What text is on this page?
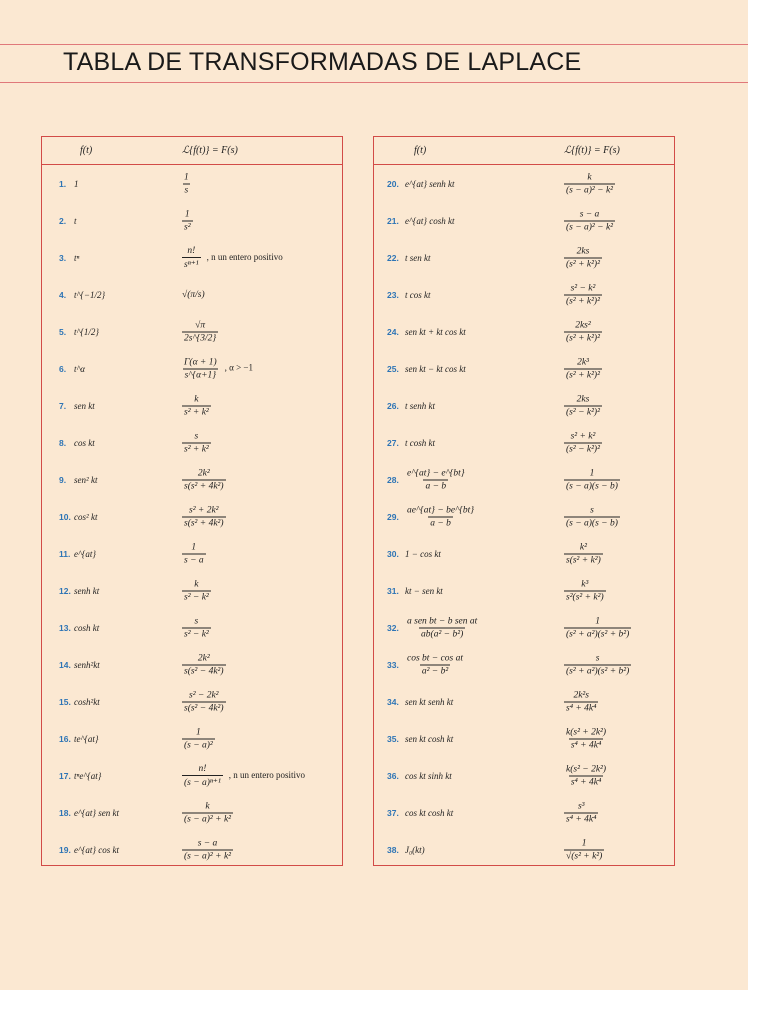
TABLA DE TRANSFORMADAS DE LAPLACE
f(t)	ℒ{f(t)} = F(s)
1. 1	$\frac{1}{s}$
2. t	$\frac{1}{\text{s²}}$
3. tⁿ	$\frac{n!}{\text{sⁿ⁺¹}}$ , n un entero positivo
4. t^{−1/2}	√(π/s)
5. t^{1/2}	$\frac{√\pi}{2s\^{}\{3/2\}}$
6. t^α	$\frac{\Gamma(\alpha + 1)}{s\^{}\{\alpha+1\}}$ , α > −1
7. sen kt	$\frac{k}{\text{s² + k²}}$
8. cos kt	$\frac{s}{\text{s² + k²}}$
9. sen² kt	$\frac{\text{2k²}}{\text{s(s² + 4k²)}}$
10. cos² kt	$\frac{\text{s² + 2k²}}{\text{s(s² + 4k²)}}$
11. e^{at}	$\frac{1}{s - a}$
12. senh kt	$\frac{k}{\text{s² − k²}}$
13. cosh kt	$\frac{s}{\text{s² − k²}}$
14. senh²kt	$\frac{\text{2k²}}{\text{s(s² − 4k²)}}$
15. cosh²kt	$\frac{\text{s² − 2k²}}{\text{s(s² − 4k²)}}$
16. te^{at}	$\frac{1}{\text{(s − a)²}}$
17. tⁿe^{at}	$\frac{n!}{\text{(s − a)ⁿ⁺¹}}$ , n un entero positivo
18. e^{at} sen kt	$\frac{k}{\text{(s − a)² + k²}}$
19. e^{at} cos kt	$\frac{s - a}{\text{(s − a)² + k²}}$
f(t)	ℒ{f(t)} = F(s)
20. e^{at} senh kt	$\frac{k}{\text{(s − a)² − k²}}$
21. e^{at} cosh kt	$\frac{s - a}{\text{(s − a)² − k²}}$
22. t sen kt	$\frac{2ks}{\text{(s² + k²)²}}$
23. t cos kt	$\frac{\text{s² − k²}}{\text{(s² + k²)²}}$
24. sen kt + kt cos kt	$\frac{\text{2ks²}}{\text{(s² + k²)²}}$
25. sen kt − kt cos kt	$\frac{\text{2k³}}{\text{(s² + k²)²}}$
26. t senh kt	$\frac{2ks}{\text{(s² − k²)²}}$
27. t cosh kt	$\frac{\text{s² + k²}}{\text{(s² − k²)²}}$
28. $\frac{e\^{}\{at\} - e\^{}\{bt\}}{a - b}$	$\frac{1}{(s - a)(s - b)}$
29. $\frac{ae\^{}\{at\} - be\^{}\{bt\}}{a - b}$	$\frac{s}{(s - a)(s - b)}$
30. 1 − cos kt	$\frac{\text{k²}}{\text{s(s² + k²)}}$
31. kt − sen kt	$\frac{\text{k³}}{\text{s²(s² + k²)}}$
32. $\frac{\text{a sen bt − b sen at}}{\text{ab(a² − b²)}}$	$\frac{1}{\text{(s² + a²)(s² + b²)}}$
33. $\frac{\text{cos bt − cos at}}{\text{a² − b²}}$	$\frac{s}{\text{(s² + a²)(s² + b²)}}$
34. sen kt senh kt	$\frac{\text{2k²s}}{\text{s⁴ + 4k⁴}}$
35. sen kt cosh kt	$\frac{\text{k(s² + 2k²)}}{\text{s⁴ + 4k⁴}}$
36. cos kt sinh kt	$\frac{\text{k(s² − 2k²)}}{\text{s⁴ + 4k⁴}}$
37. cos kt cosh kt	$\frac{\text{s³}}{\text{s⁴ + 4k⁴}}$
38. J₀(kt)	$\frac{1}{\text{√(s² + k²)}}$
